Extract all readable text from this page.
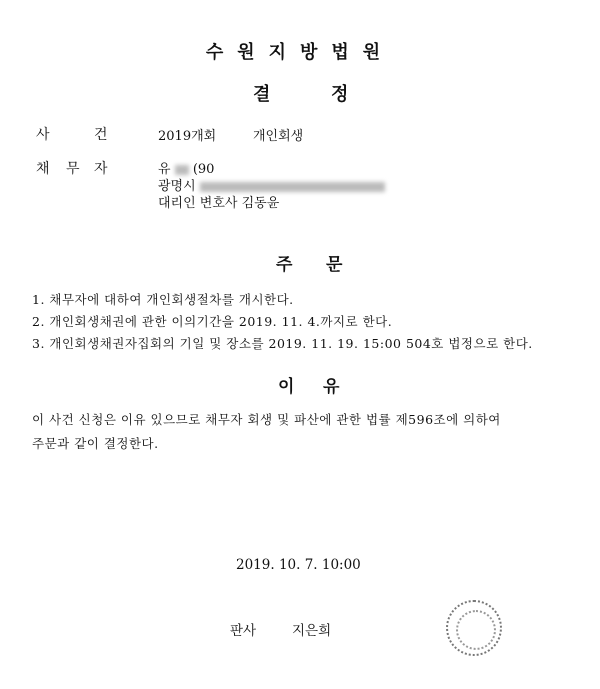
수원지방법원
결	정
사	건	2019개회	개인회생
채 무 자	유 (90
광명시
대리인 변호사 김동윤
주 문
1. 채무자에 대하여 개인회생절차를 개시한다.
2. 개인회생채권에 관한 이의기간을 2019. 11. 4.까지로 한다.
3. 개인회생채권자집회의 기일 및 장소를 2019. 11. 19. 15:00 504호 법정으로 한다.
이 유
이 사건 신청은 이유 있으므로 채무자 회생 및 파산에 관한 법률 제596조에 의하여
주문과 같이 결정한다.
2019. 10. 7. 10:00
판사	지은희
